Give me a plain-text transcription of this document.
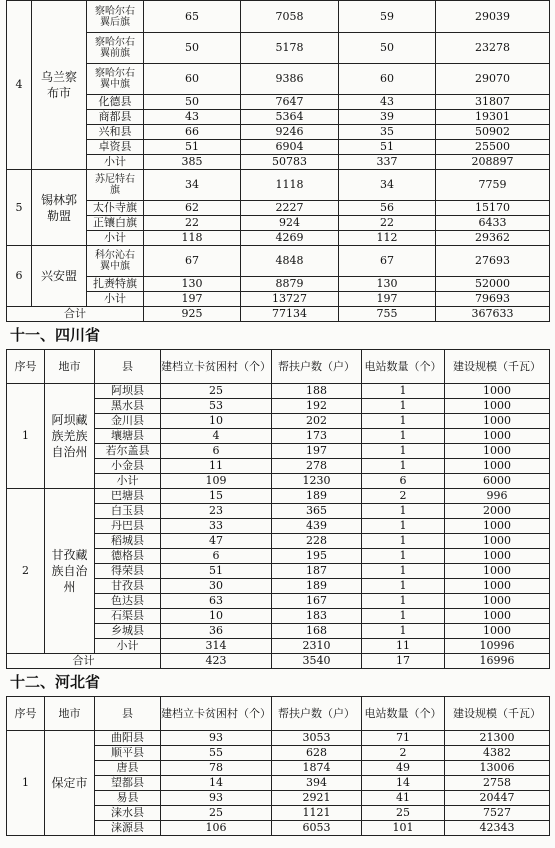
4	乌兰察布市	察哈尔右翼后旗	65	7058	59	29039
		察哈尔右翼前旗	50	5178	50	23278
		察哈尔右翼中旗	60	9386	60	29070
		化德县	50	7647	43	31807
		商都县	43	5364	39	19301
		兴和县	66	9246	35	50902
		卓资县	51	6904	51	25500
		小计	385	50783	337	208897
5	锡林郭勒盟	苏尼特右旗	34	1118	34	7759
		太仆寺旗	62	2227	56	15170
		正镶白旗	22	924	22	6433
		小计	118	4269	112	29362
6	兴安盟	科尔沁右翼中旗	67	4848	67	27693
		扎赉特旗	130	8879	130	52000
		小计	197	13727	197	79693
合计			925	77134	755	367633
十一、四川省
序号	地市	县	建档立卡贫困村（个）	帮扶户数（户）	电站数量（个）	建设规模（千瓦）
1	阿坝藏族羌族自治州	阿坝县	25	188	1	1000
		黑水县	53	192	1	1000
		金川县	10	202	1	1000
		壤塘县	4	173	1	1000
		若尔盖县	6	197	1	1000
		小金县	11	278	1	1000
		小计	109	1230	6	6000
2	甘孜藏族自治州	巴塘县	15	189	2	996
		白玉县	23	365	1	2000
		丹巴县	33	439	1	1000
		稻城县	47	228	1	1000
		德格县	6	195	1	1000
		得荣县	51	187	1	1000
		甘孜县	30	189	1	1000
		色达县	63	167	1	1000
		石渠县	10	183	1	1000
		乡城县	36	168	1	1000
		小计	314	2310	11	10996
合计			423	3540	17	16996
十二、河北省
序号	地市	县	建档立卡贫困村（个）	帮扶户数（户）	电站数量（个）	建设规模（千瓦）
1	保定市	曲阳县	93	3053	71	21300
		顺平县	55	628	2	4382
		唐县	78	1874	49	13006
		望都县	14	394	14	2758
		易县	93	2921	41	20447
		涞水县	25	1121	25	7527
		涞源县	106	6053	101	42343
